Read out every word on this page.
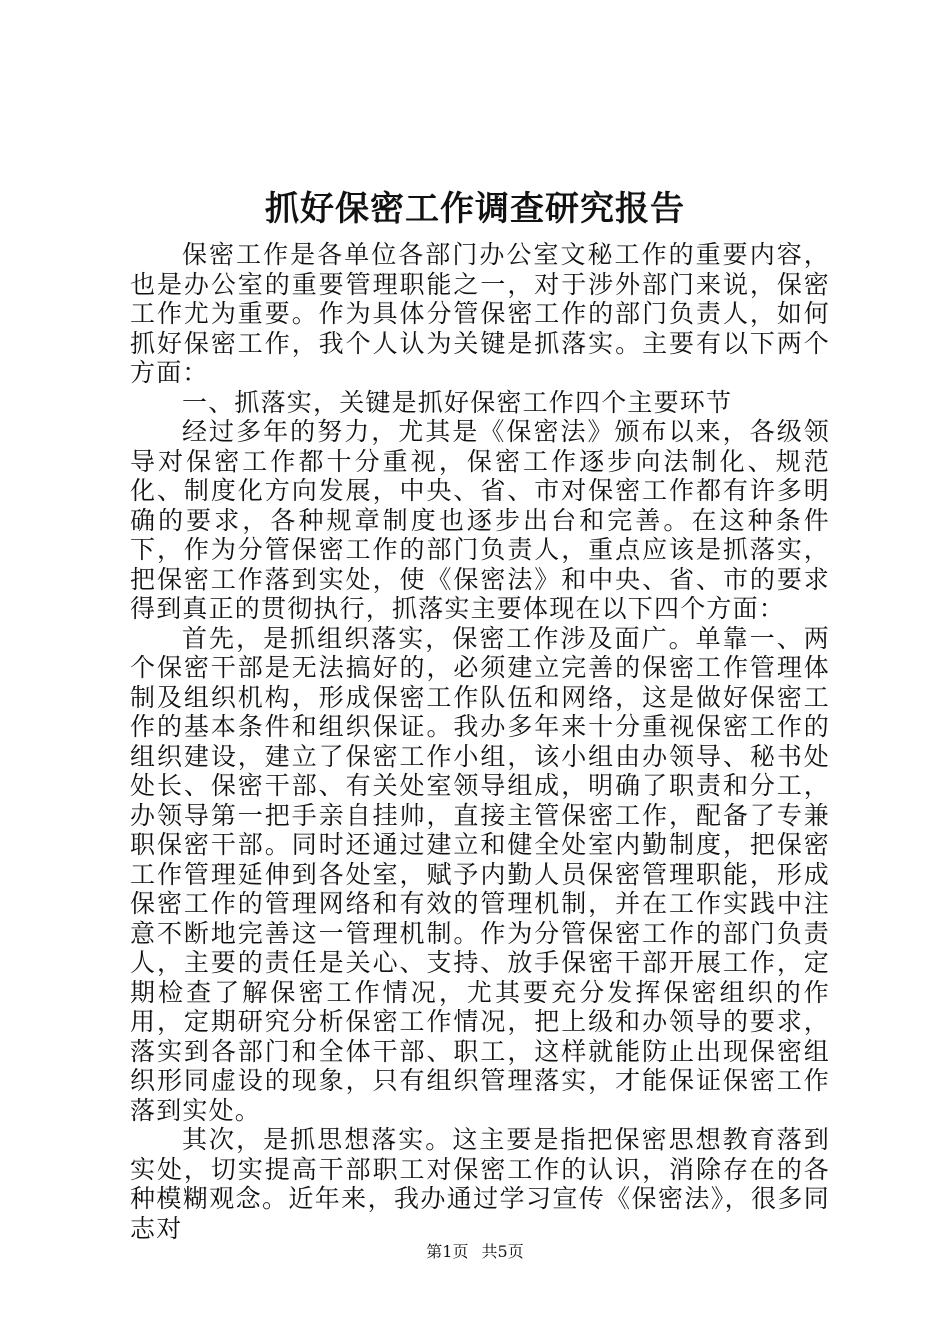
抓好保密工作调查研究报告

保密工作是各单位各部门办公室文秘工作的重要内容，也是办公室的重要管理职能之一，对于涉外部门来说，保密工作尤为重要。作为具体分管保密工作的部门负责人，如何抓好保密工作，我个人认为关键是抓落实。主要有以下两个方面：

一、抓落实，关键是抓好保密工作四个主要环节

经过多年的努力，尤其是《保密法》颁布以来，各级领导对保密工作都十分重视，保密工作逐步向法制化、规范化、制度化方向发展，中央、省、市对保密工作都有许多明确的要求，各种规章制度也逐步出台和完善。在这种条件下，作为分管保密工作的部门负责人，重点应该是抓落实，把保密工作落到实处，使《保密法》和中央、省、市的要求得到真正的贯彻执行，抓落实主要体现在以下四个方面：

首先，是抓组织落实，保密工作涉及面广。单靠一、两个保密干部是无法搞好的，必须建立完善的保密工作管理体制及组织机构，形成保密工作队伍和网络，这是做好保密工作的基本条件和组织保证。我办多年来十分重视保密工作的组织建设，建立了保密工作小组，该小组由办领导、秘书处处长、保密干部、有关处室领导组成，明确了职责和分工，办领导第一把手亲自挂帅，直接主管保密工作，配备了专兼职保密干部。同时还通过建立和健全处室内勤制度，把保密工作管理延伸到各处室，赋予内勤人员保密管理职能，形成保密工作的管理网络和有效的管理机制，并在工作实践中注意不断地完善这一管理机制。作为分管保密工作的部门负责人，主要的责任是关心、支持、放手保密干部开展工作，定期检查了解保密工作情况，尤其要充分发挥保密组织的作用，定期研究分析保密工作情况，把上级和办领导的要求，落实到各部门和全体干部、职工，这样就能防止出现保密组织形同虚设的现象，只有组织管理落实，才能保证保密工作落到实处。

其次，是抓思想落实。这主要是指把保密思想教育落到实处，切实提高干部职工对保密工作的认识，消除存在的各种模糊观念。近年来，我办通过学习宣传《保密法》，很多同志对

第1页 共5页
